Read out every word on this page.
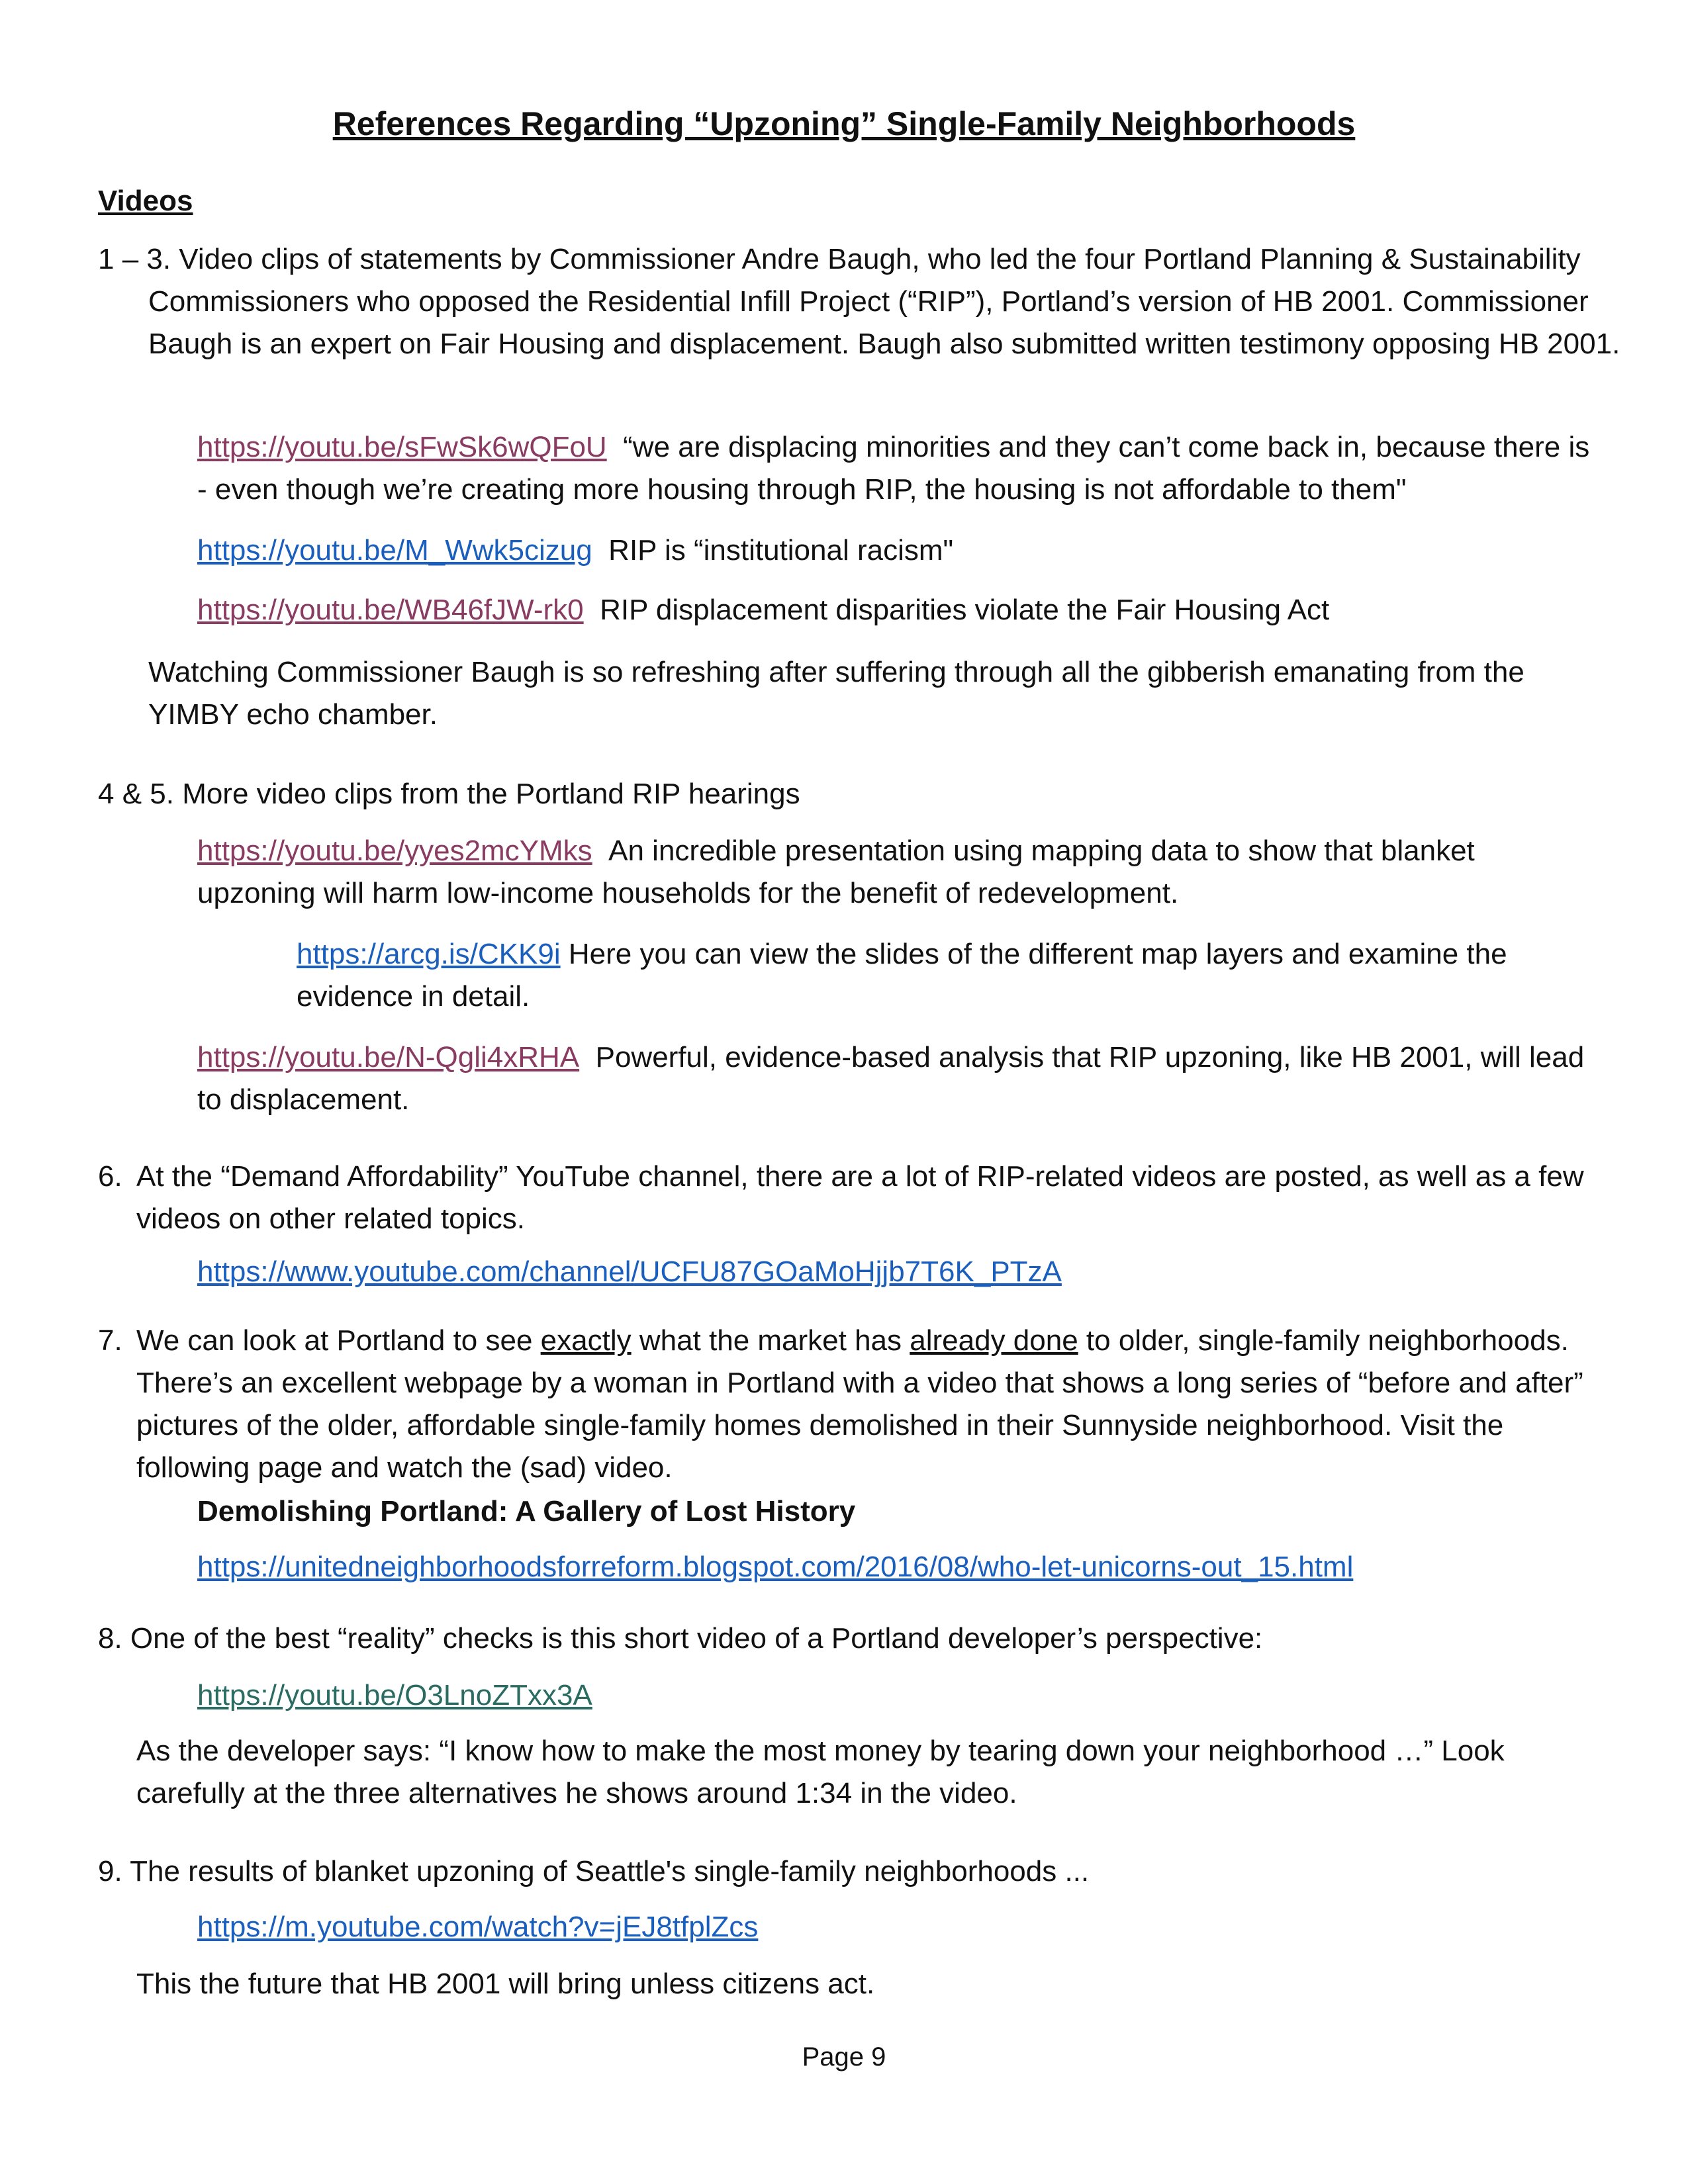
References Regarding “Upzoning” Single-Family Neighborhoods
Videos
1 – 3. Video clips of statements by Commissioner Andre Baugh, who led the four Portland Planning & Sustainability Commissioners who opposed the Residential Infill Project (“RIP”), Portland’s version of HB 2001. Commissioner Baugh is an expert on Fair Housing and displacement. Baugh also submitted written testimony opposing HB 2001.
https://youtu.be/sFwSk6wQFoU “we are displacing minorities and they can’t come back in, because there is - even though we’re creating more housing through RIP, the housing is not affordable to them"
https://youtu.be/M_Wwk5cizug RIP is “institutional racism"
https://youtu.be/WB46fJW-rk0 RIP displacement disparities violate the Fair Housing Act
Watching Commissioner Baugh is so refreshing after suffering through all the gibberish emanating from the YIMBY echo chamber.
4 & 5. More video clips from the Portland RIP hearings
https://youtu.be/yyes2mcYMks An incredible presentation using mapping data to show that blanket upzoning will harm low-income households for the benefit of redevelopment.
https://arcg.is/CKK9i Here you can view the slides of the different map layers and examine the evidence in detail.
https://youtu.be/N-Qgli4xRHA Powerful, evidence-based analysis that RIP upzoning, like HB 2001, will lead to displacement.
6. At the “Demand Affordability” YouTube channel, there are a lot of RIP-related videos are posted, as well as a few videos on other related topics.
https://www.youtube.com/channel/UCFU87GOaMoHjjb7T6K_PTzA
7. We can look at Portland to see exactly what the market has already done to older, single-family neighborhoods. There’s an excellent webpage by a woman in Portland with a video that shows a long series of “before and after” pictures of the older, affordable single-family homes demolished in their Sunnyside neighborhood. Visit the following page and watch the (sad) video.
Demolishing Portland: A Gallery of Lost History
https://unitedneighborhoodsforreform.blogspot.com/2016/08/who-let-unicorns-out_15.html
8. One of the best “reality” checks is this short video of a Portland developer’s perspective:
https://youtu.be/O3LnoZTxx3A
As the developer says: “I know how to make the most money by tearing down your neighborhood …” Look carefully at the three alternatives he shows around 1:34 in the video.
9. The results of blanket upzoning of Seattle's single-family neighborhoods ...
https://m.youtube.com/watch?v=jEJ8tfplZcs
This the future that HB 2001 will bring unless citizens act.
Page 9
